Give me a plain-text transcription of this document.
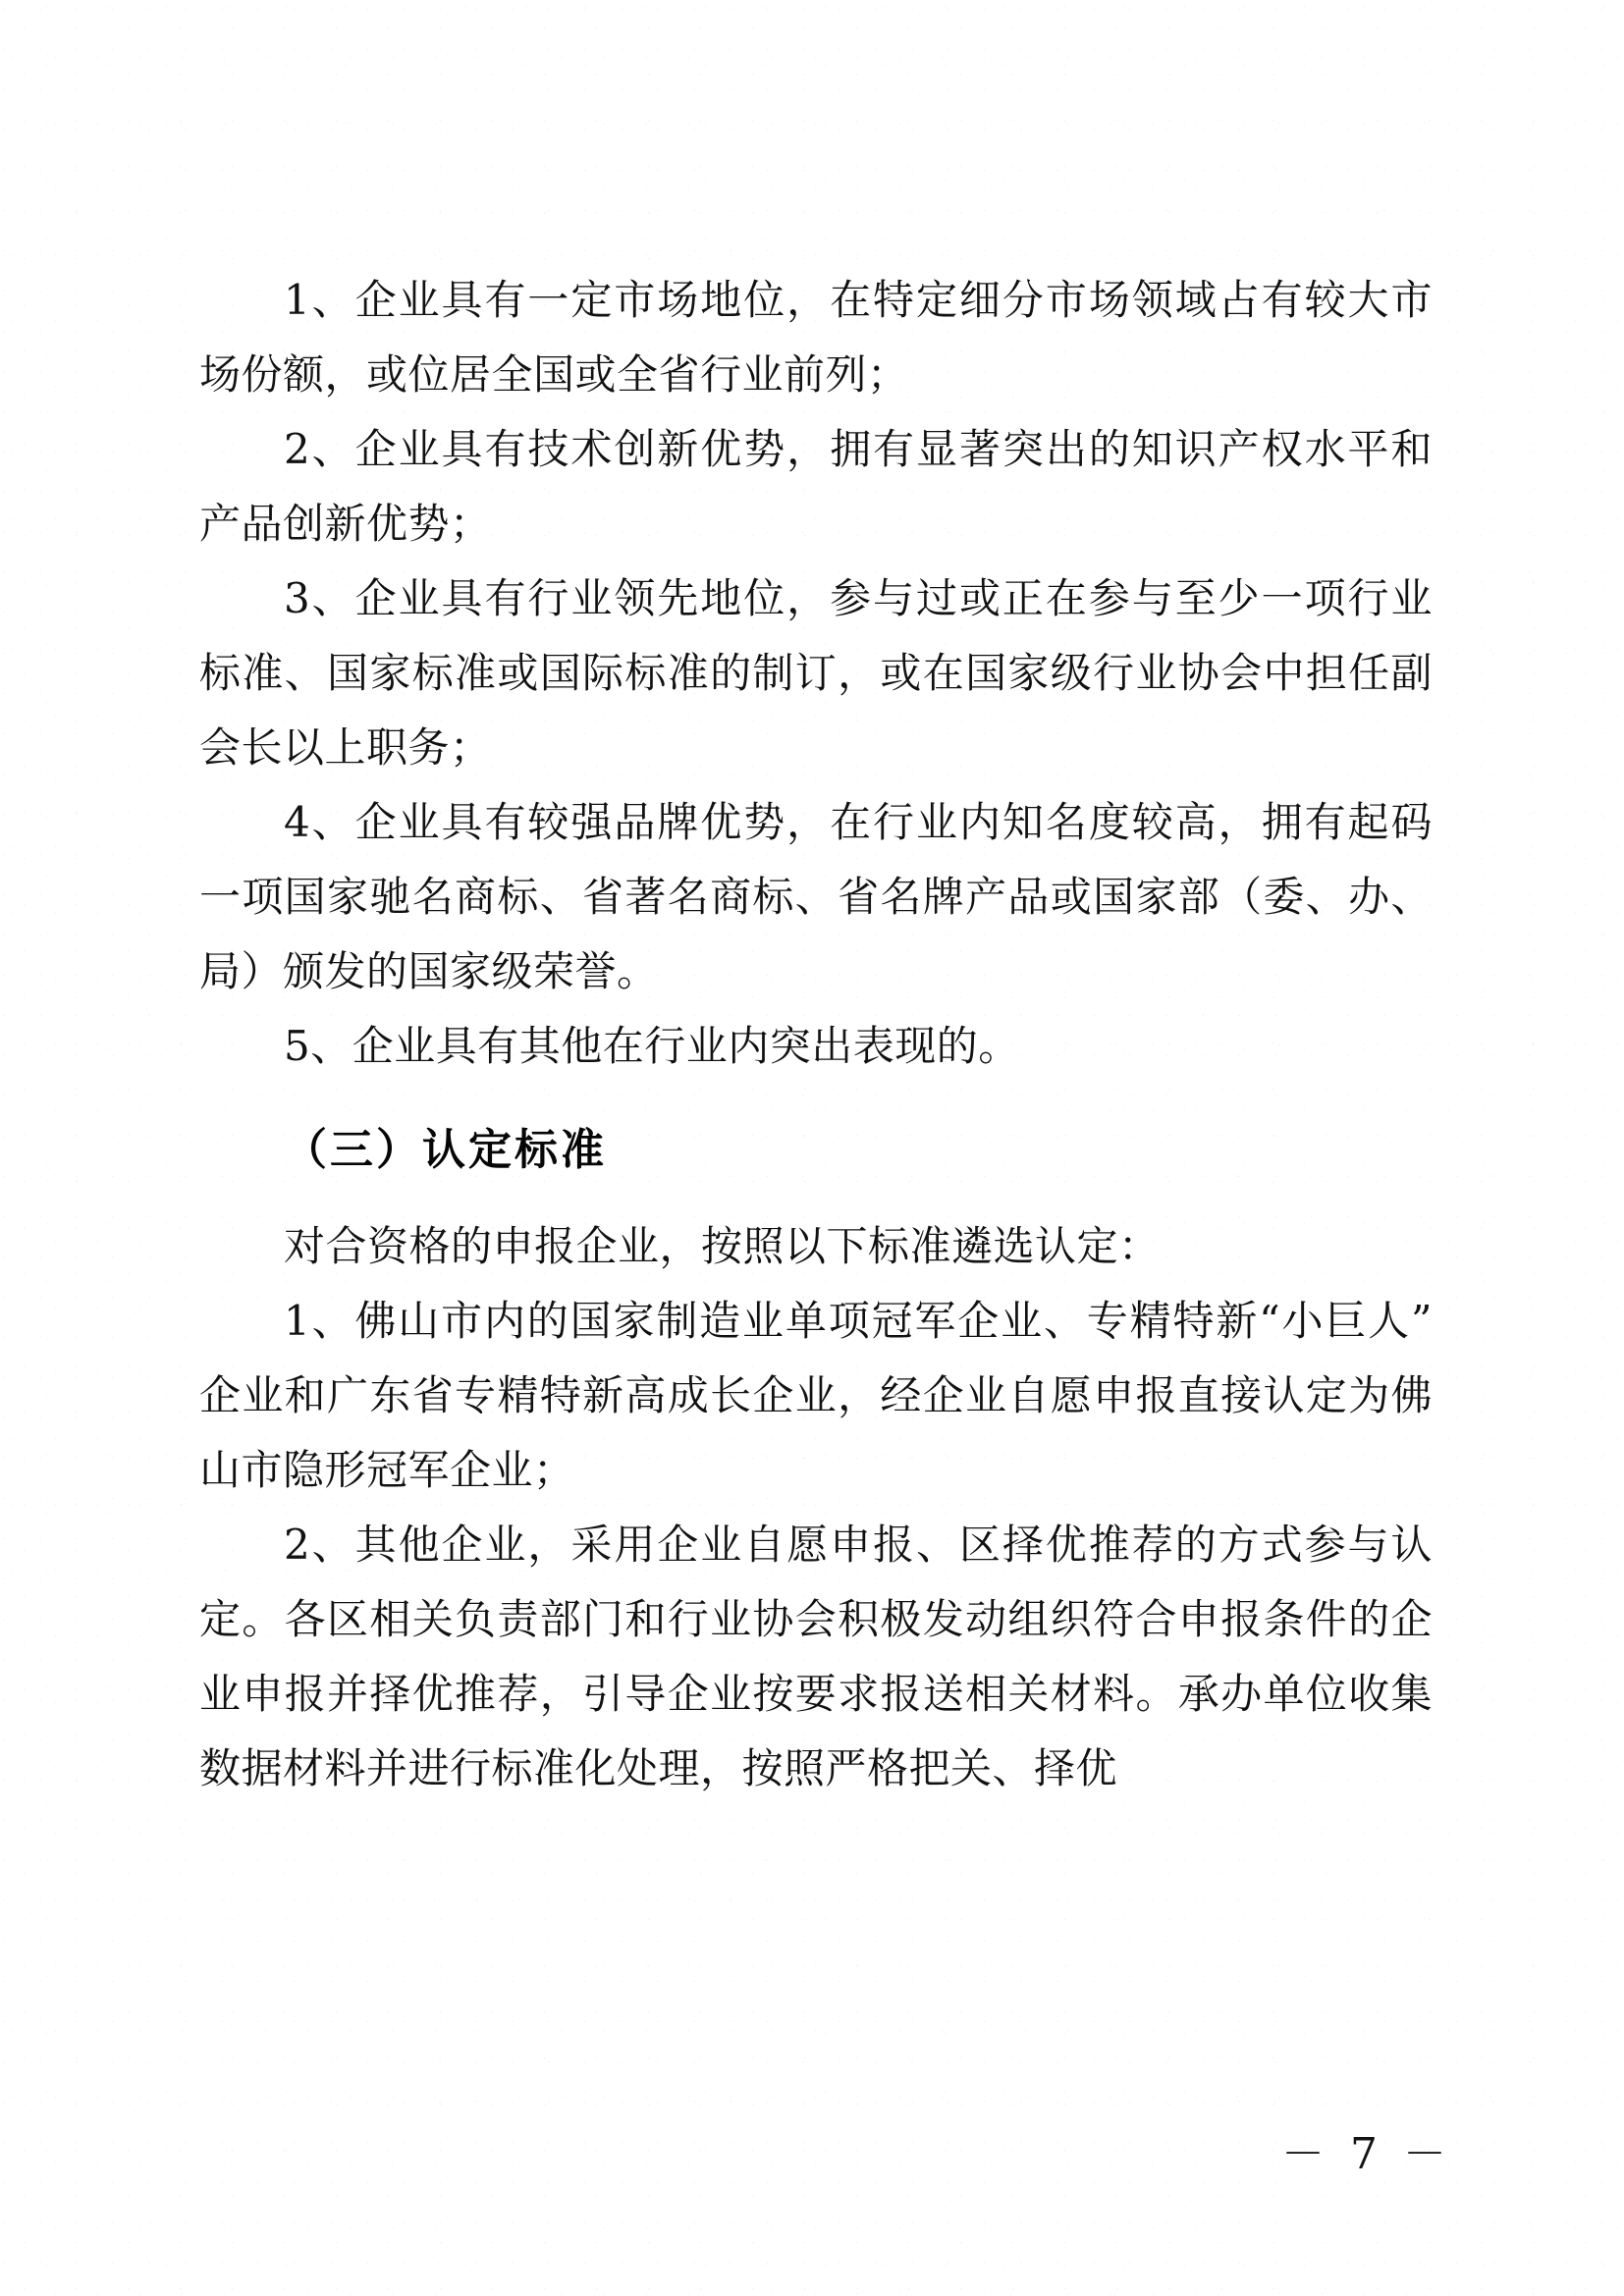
1、企业具有一定市场地位，在特定细分市场领域占有较大市场份额，或位居全国或全省行业前列；

2、企业具有技术创新优势，拥有显著突出的知识产权水平和产品创新优势；

3、企业具有行业领先地位，参与过或正在参与至少一项行业标准、国家标准或国际标准的制订，或在国家级行业协会中担任副会长以上职务；

4、企业具有较强品牌优势，在行业内知名度较高，拥有起码一项国家驰名商标、省著名商标、省名牌产品或国家部（委、办、局）颁发的国家级荣誉。

5、企业具有其他在行业内突出表现的。

（三）认定标准

对合资格的申报企业，按照以下标准遴选认定：

1、佛山市内的国家制造业单项冠军企业、专精特新“小巨人”企业和广东省专精特新高成长企业，经企业自愿申报直接认定为佛山市隐形冠军企业；

2、其他企业，采用企业自愿申报、区择优推荐的方式参与认定。各区相关负责部门和行业协会积极发动组织符合申报条件的企业申报并择优推荐，引导企业按要求报送相关材料。承办单位收集数据材料并进行标准化处理，按照严格把关、择优

－ 7 －
